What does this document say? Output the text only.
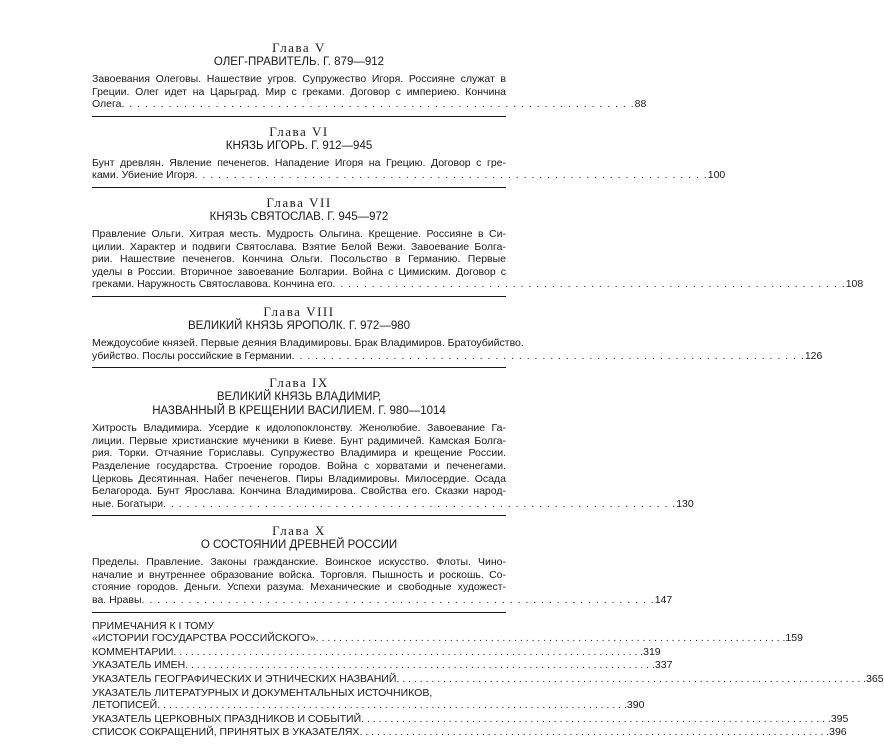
Глава V
ОЛЕГ-ПРАВИТЕЛЬ. Г. 879—912
Завоевания Олеговы. Нашествие угров. Супружество Игоря. Россияне служат в
Греции. Олег идет на Царьград. Мир с греками. Договор с империею. Кончина
Олега . . . . . . . . . . . . . . . . . . . . . . . . . . . . . . . . . . . . . . . . . . . . . . . . . . . . . . . . . . . . . . . . . . 88
Глава VI
КНЯЗЬ ИГОРЬ. Г. 912—945
Бунт древлян. Явление печенегов. Нападение Игоря на Грецию. Договор с гре-
ками. Убиение Игоря . . . . . . . . . . . . . . . . . . . . . . . . . . . . . . . . . . . . . . . . . . . . . . . . . . . . . . . . . . . . . . . . . . 100
Глава VII
КНЯЗЬ СВЯТОСЛАВ. Г. 945—972
Правление Ольги. Хитрая месть. Мудрость Ольгина. Крещение. Россияне в Си-
цилии. Характер и подвиги Святослава. Взятие Белой Вежи. Завоевание Болга-
рии. Нашествие печенегов. Кончина Ольги. Посольство в Германию. Первые
уделы в России. Вторичное завоевание Болгарии. Война с Цимиским. Договор с
греками. Наружность Святославова. Кончина его . . . . . . . . . . . . . . . . . . . . . . . . . . . . . . . . . . . . . . . . . . . . . . . . . . . . . . . . . . . . . . . . . . 108
Глава VIII
ВЕЛИКИЙ КНЯЗЬ ЯРОПОЛК. Г. 972—980
Междоусобие князей. Первые деяния Владимировы. Брак Владимиров. Братоубийство.
убийство. Послы российские в Германии . . . . . . . . . . . . . . . . . . . . . . . . . . . . . . . . . . . . . . . . . . . . . . . . . . . . . . . . . . . . . . . . . . 126
Глава IX
ВЕЛИКИЙ КНЯЗЬ ВЛАДИМИР,
НАЗВАННЫЙ В КРЕЩЕНИИ ВАСИЛИЕМ. Г. 980—1014
Хитрость Владимира. Усердие к идолопоклонству. Женолюбие. Завоевание Га-
лиции. Первые христианские мученики в Киеве. Бунт радимичей. Камская Болга-
рия. Торки. Отчаяние Гориславы. Супружество Владимира и крещение России.
Разделение государства. Строение городов. Война с хорватами и печенегами.
Церковь Десятинная. Набег печенегов. Пиры Владимировы. Милосердие. Осада
Белагорода. Бунт Ярослава. Кончина Владимирова. Свойства его. Сказки народ-
ные. Богатыри . . . . . . . . . . . . . . . . . . . . . . . . . . . . . . . . . . . . . . . . . . . . . . . . . . . . . . . . . . . . . . . . . . 130
Глава X
О СОСТОЯНИИ ДРЕВНЕЙ РОССИИ
Пределы. Правление. Законы гражданские. Воинское искусство. Флоты. Чино-
началие и внутреннее образование войска. Торговля. Пышность и роскошь. Со-
стояние городов. Деньги. Успехи разума. Механические и свободные художест-
ва. Нравы . . . . . . . . . . . . . . . . . . . . . . . . . . . . . . . . . . . . . . . . . . . . . . . . . . . . . . . . . . . . . . . . . . 147
ПРИМЕЧАНИЯ К I ТОМУ
«ИСТОРИИ ГОСУДАРСТВА РОССИЙСКОГО» . . .	159
КОММЕНТАРИИ . . .	319
УКАЗАТЕЛЬ ИМЕН . . .	337
УКАЗАТЕЛЬ ГЕОГРАФИЧЕСКИХ И ЭТНИЧЕСКИХ НАЗВАНИЙ . . .	365
УКАЗАТЕЛЬ ЛИТЕРАТУРНЫХ И ДОКУМЕНТАЛЬНЫХ ИСТОЧНИКОВ,
ЛЕТОПИСЕЙ . . .	390
УКАЗАТЕЛЬ ЦЕРКОВНЫХ ПРАЗДНИКОВ И СОБЫТИЙ . . .	395
СПИСОК СОКРАЩЕНИЙ, ПРИНЯТЫХ В УКАЗАТЕЛЯХ . . .	396
